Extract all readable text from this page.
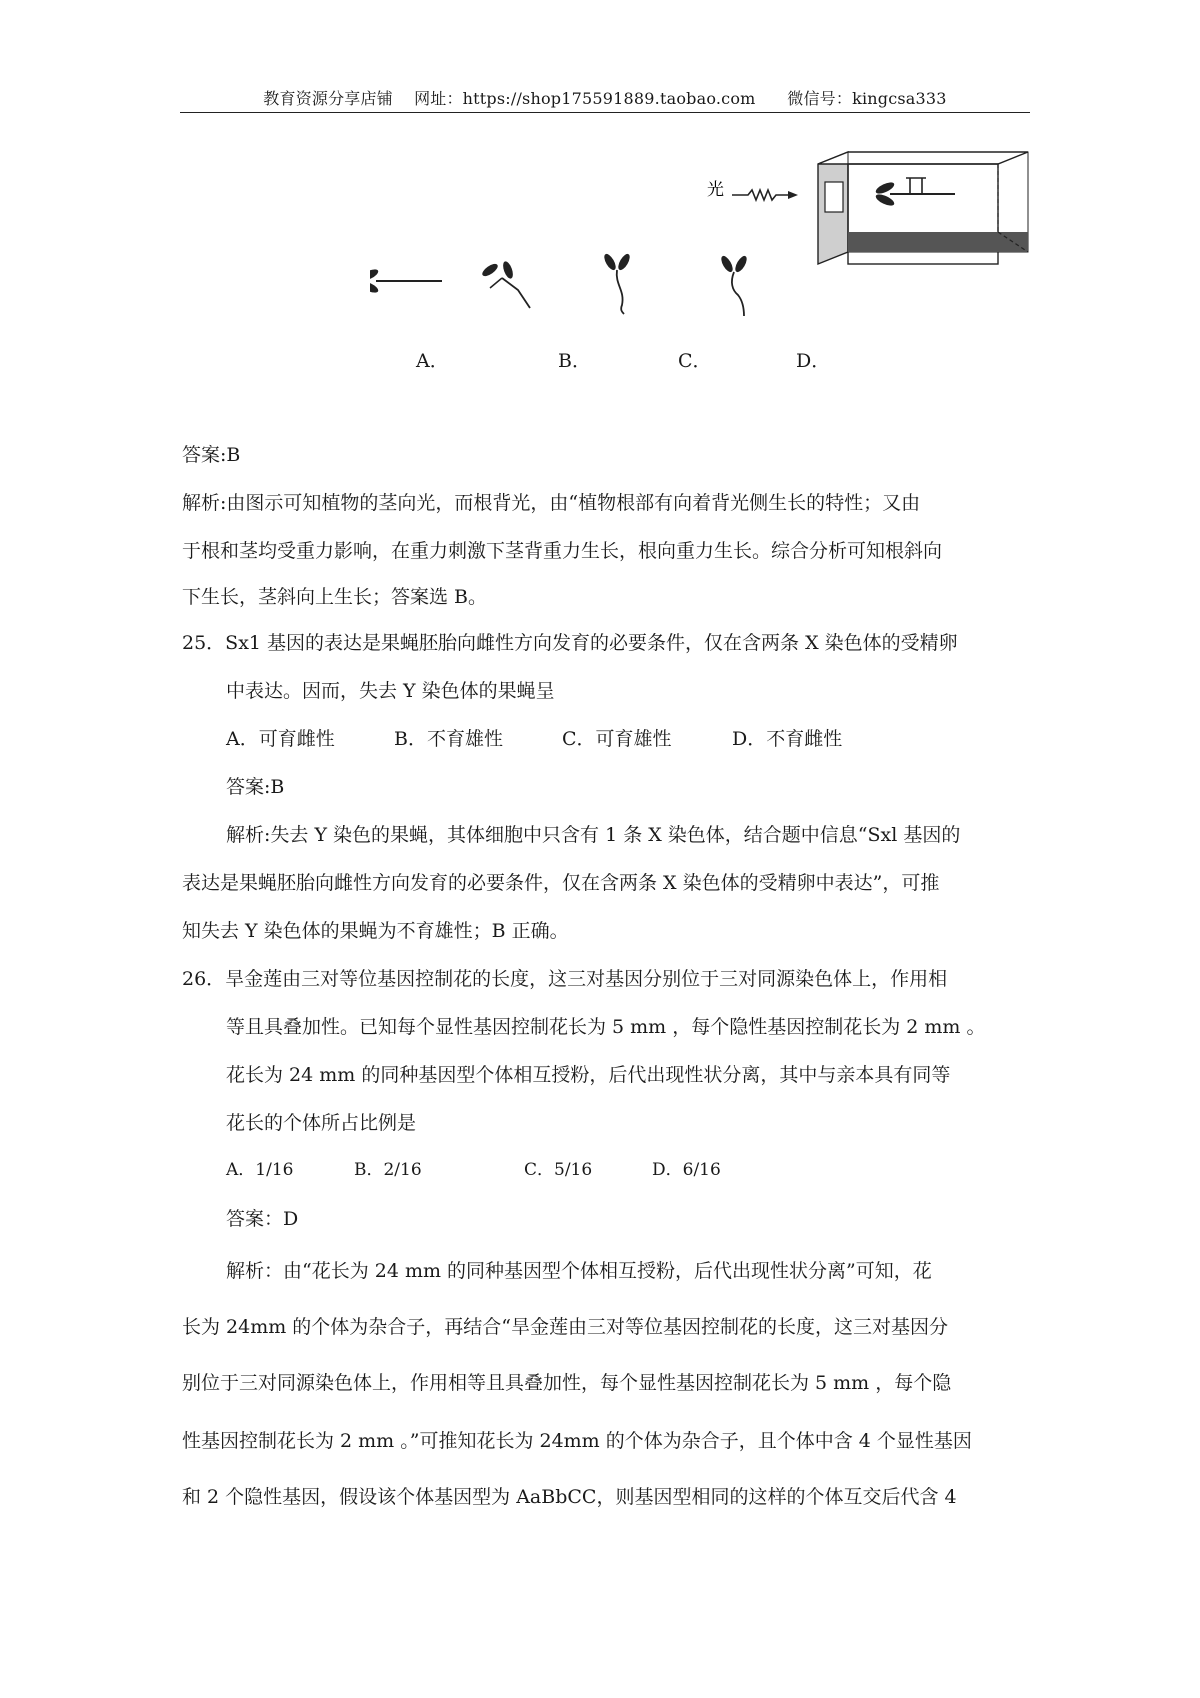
教育资源分享店铺 网址：https://shop175591889.taobao.com 微信号：kingcsa333
光
A．	B．	C．	D．
答案:B
解析:由图示可知植物的茎向光，而根背光，由“植物根部有向着背光侧生长的特性；又由
于根和茎均受重力影响，在重力刺激下茎背重力生长，根向重力生长。综合分析可知根斜向
下生长，茎斜向上生长；答案选 B。
25．Sx1 基因的表达是果蝇胚胎向雌性方向发育的必要条件，仅在含两条 X 染色体的受精卵
中表达。因而，失去 Y 染色体的果蝇呈
A．可育雌性	B．不育雄性	C．可育雄性	D．不育雌性
答案:B
解析:失去 Y 染色的果蝇，其体细胞中只含有 1 条 X 染色体，结合题中信息“Sxl 基因的
表达是果蝇胚胎向雌性方向发育的必要条件，仅在含两条 X 染色体的受精卵中表达”，可推
知失去 Y 染色体的果蝇为不育雄性；B 正确。
26．旱金莲由三对等位基因控制花的长度，这三对基因分别位于三对同源染色体上，作用相
等且具叠加性。已知每个显性基因控制花长为 5 mm ，每个隐性基因控制花长为 2 mm 。
花长为 24 mm 的同种基因型个体相互授粉，后代出现性状分离，其中与亲本具有同等
花长的个体所占比例是
A．1/16	B．2/16	C．5/16	D．6/16
答案：D
解析：由“花长为 24 mm 的同种基因型个体相互授粉，后代出现性状分离”可知，花
长为 24mm 的个体为杂合子，再结合“旱金莲由三对等位基因控制花的长度，这三对基因分
别位于三对同源染色体上，作用相等且具叠加性，每个显性基因控制花长为 5 mm ，每个隐
性基因控制花长为 2 mm 。”可推知花长为 24mm 的个体为杂合子，且个体中含 4 个显性基因
和 2 个隐性基因，假设该个体基因型为 AaBbCC，则基因型相同的这样的个体互交后代含 4
